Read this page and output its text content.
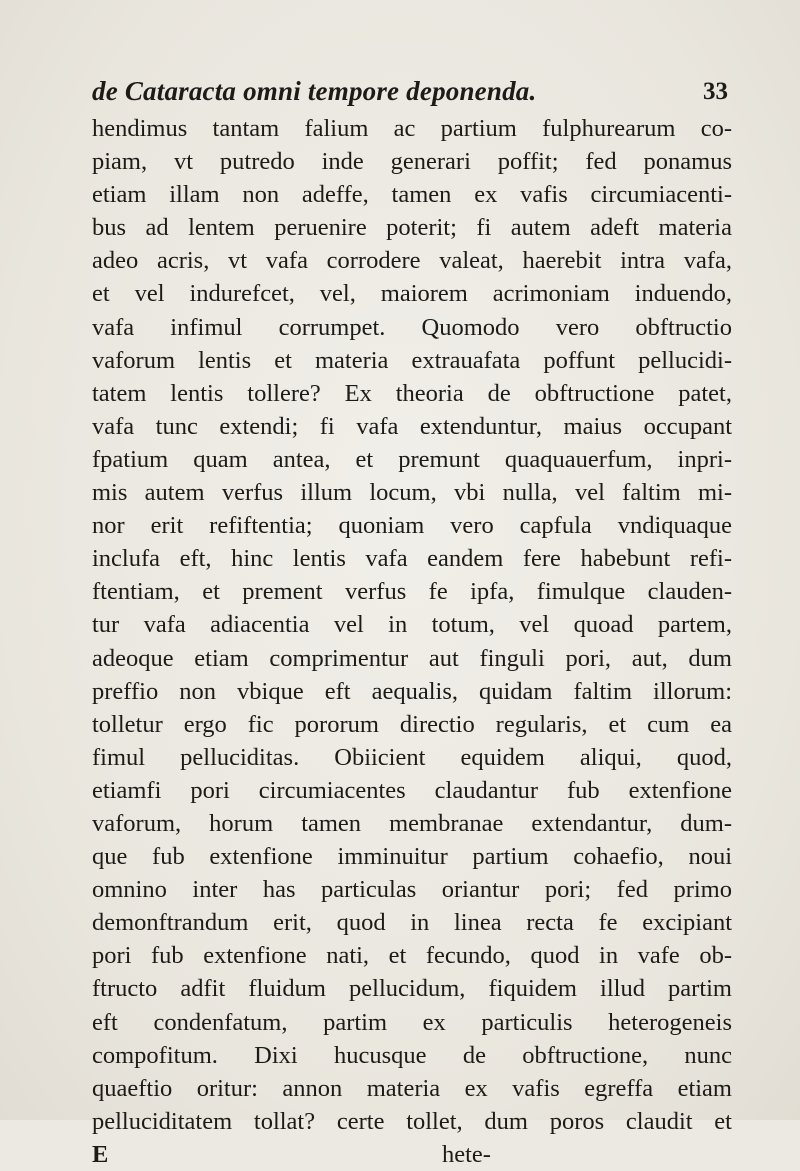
de Cataracta omni tempore deponenda.	33
hendimus tantam falium ac partium fulphurearum co-
piam, vt putredo inde generari poffit; fed ponamus
etiam illam non adeffe, tamen ex vafis circumiacenti-
bus ad lentem peruenire poterit; fi autem adeft materia
adeo acris, vt vafa corrodere valeat, haerebit intra vafa,
et vel indurefcet, vel, maiorem acrimoniam induendo,
vafa infimul corrumpet. Quomodo vero obftructio
vaforum lentis et materia extrauafata poffunt pellucidi-
tatem lentis tollere? Ex theoria de obftructione patet,
vafa tunc extendi; fi vafa extenduntur, maius occupant
fpatium quam antea, et premunt quaquauerfum, inpri-
mis autem verfus illum locum, vbi nulla, vel faltim mi-
nor erit refiftentia; quoniam vero capfula vndiquaque
inclufa eft, hinc lentis vafa eandem fere habebunt refi-
ftentiam, et prement verfus fe ipfa, fimulque clauden-
tur vafa adiacentia vel in totum, vel quoad partem,
adeoque etiam comprimentur aut finguli pori, aut, dum
preffio non vbique eft aequalis, quidam faltim illorum:
tolletur ergo fic pororum directio regularis, et cum ea
fimul pelluciditas. Obiicient equidem aliqui, quod,
etiamfi pori circumiacentes claudantur fub extenfione
vaforum, horum tamen membranae extendantur, dum-
que fub extenfione imminuitur partium cohaefio, noui
omnino inter has particulas oriantur pori; fed primo
demonftrandum erit, quod in linea recta fe excipiant
pori fub extenfione nati, et fecundo, quod in vafe ob-
ftructo adfit fluidum pellucidum, fiquidem illud partim
eft condenfatum, partim ex particulis heterogeneis
compofitum. Dixi hucusque de obftructione, nunc
quaeftio oritur: annon materia ex vafis egreffa etiam
pelluciditatem tollat? certe tollet, dum poros claudit et
E	hete-
